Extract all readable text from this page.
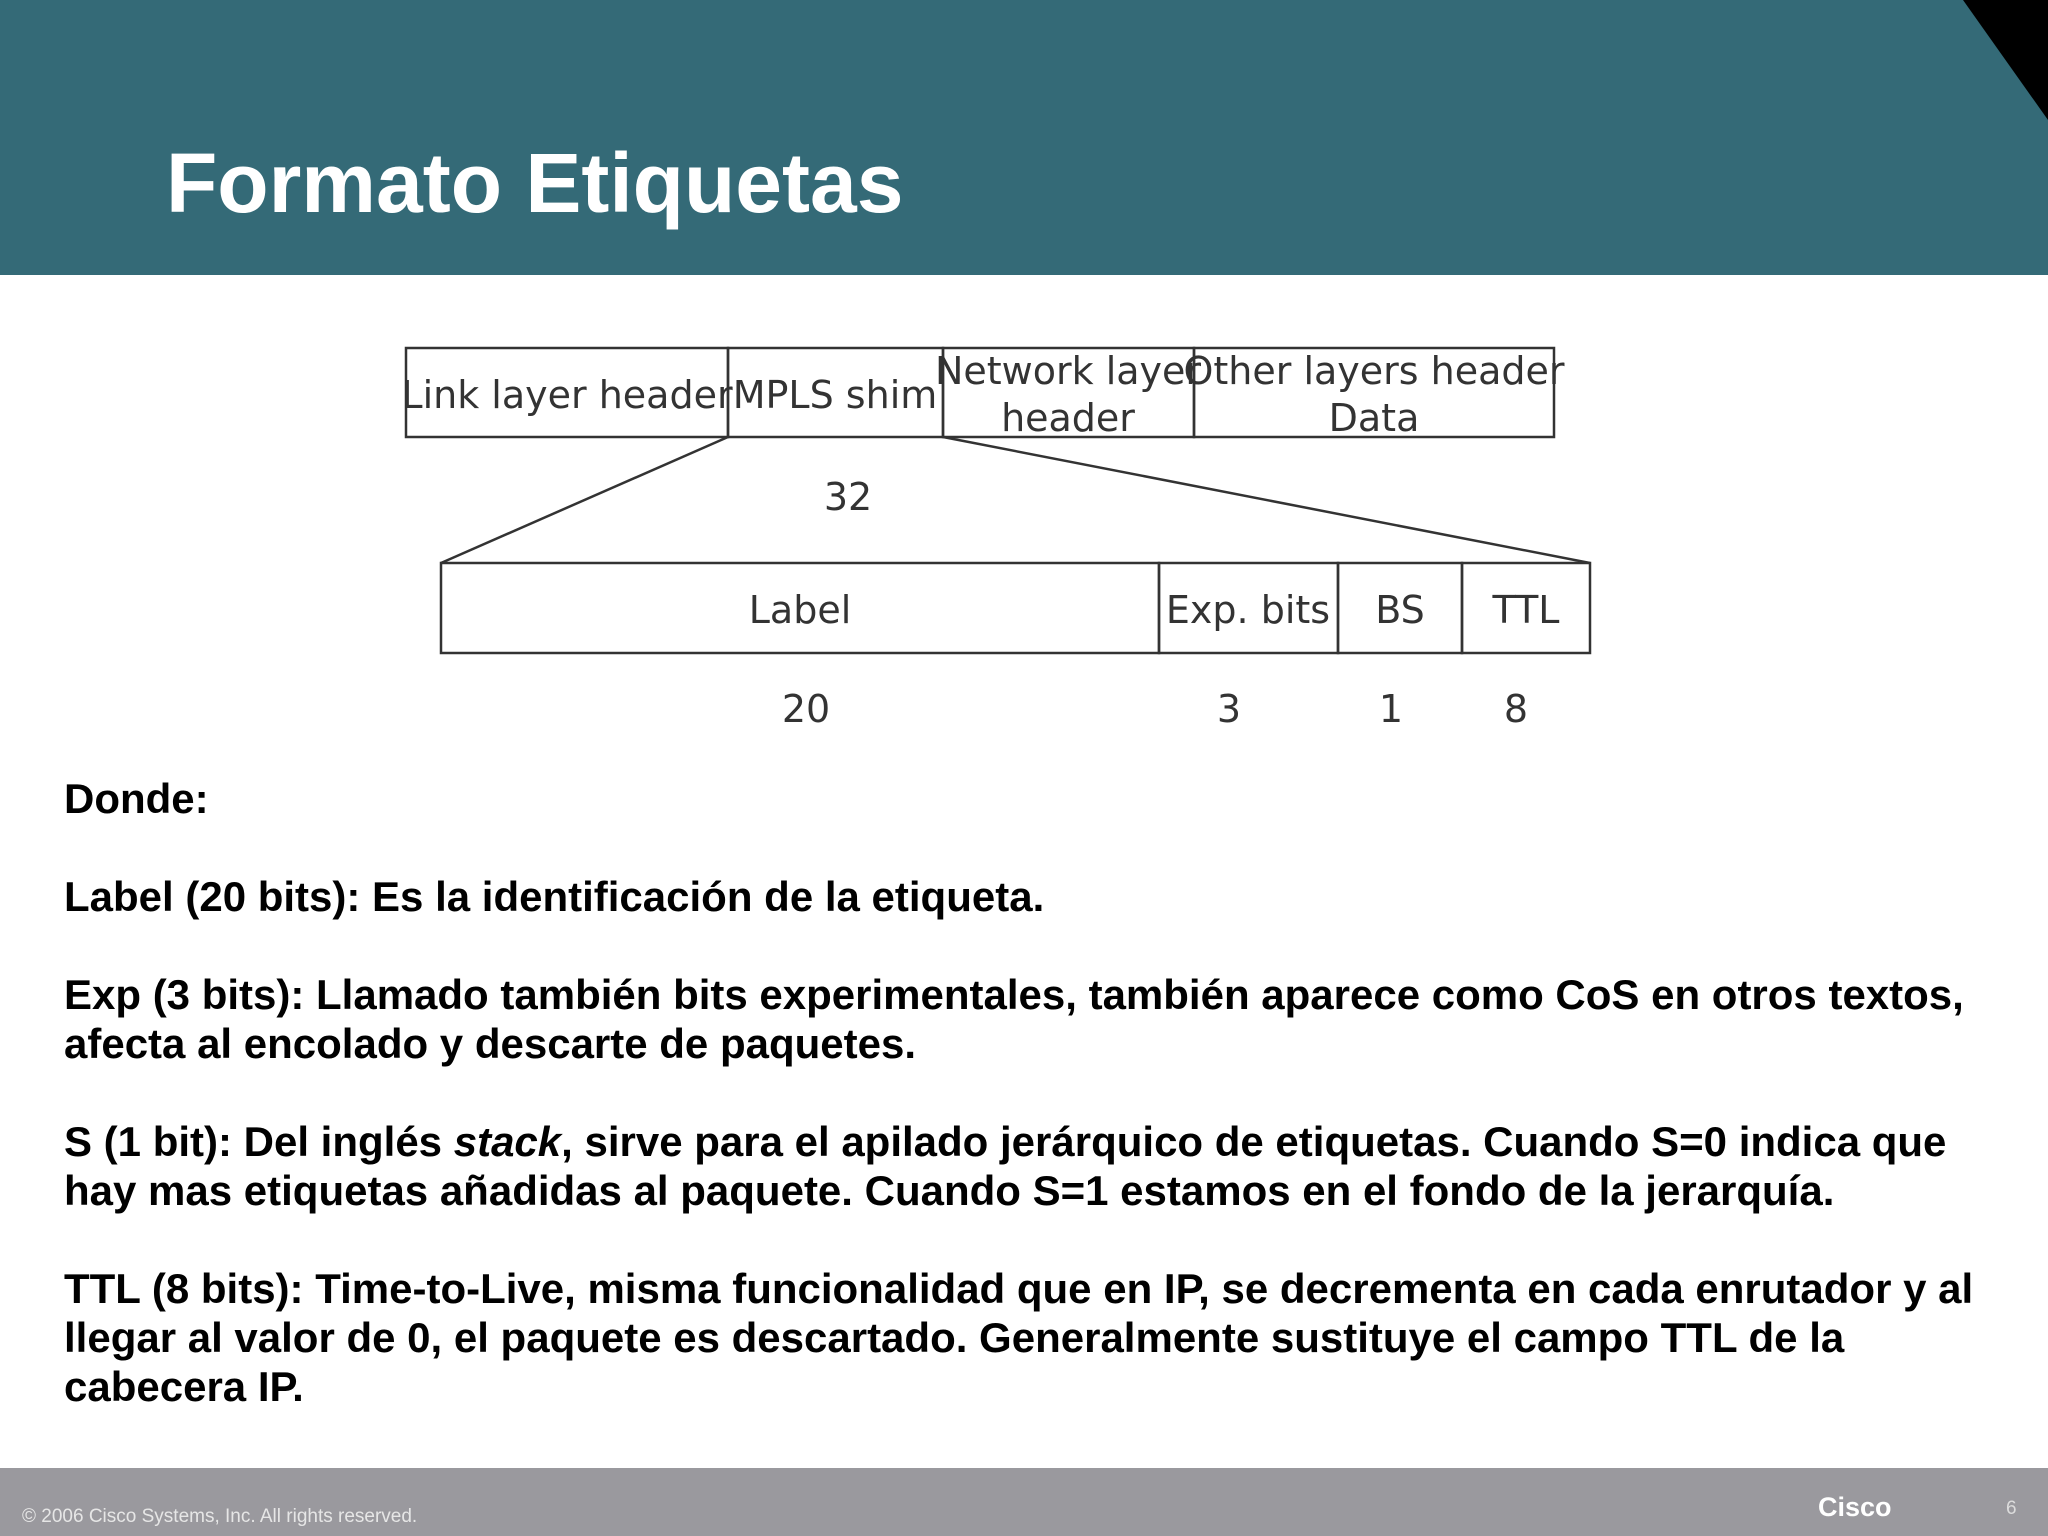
Formato Etiquetas
Link layer header MPLS shim
Network layer
header
Other layers header
Data
32
Label	Exp. bits BS TTL
20	3	1	8

Donde:

Label (20 bits): Es la identificación de la etiqueta.

Exp (3 bits): Llamado también bits experimentales, también aparece como CoS en otros textos, afecta al encolado y descarte de paquetes.

S (1 bit): Del inglés stack, sirve para el apilado jerárquico de etiquetas. Cuando S=0 indica que hay mas etiquetas añadidas al paquete. Cuando S=1 estamos en el fondo de la jerarquía.

TTL (8 bits): Time-to-Live, misma funcionalidad que en IP, se decrementa en cada enrutador y al llegar al valor de 0, el paquete es descartado. Generalmente sustituye el campo TTL de la cabecera IP.

© 2006 Cisco Systems, Inc. All rights reserved.	Cisco	6
